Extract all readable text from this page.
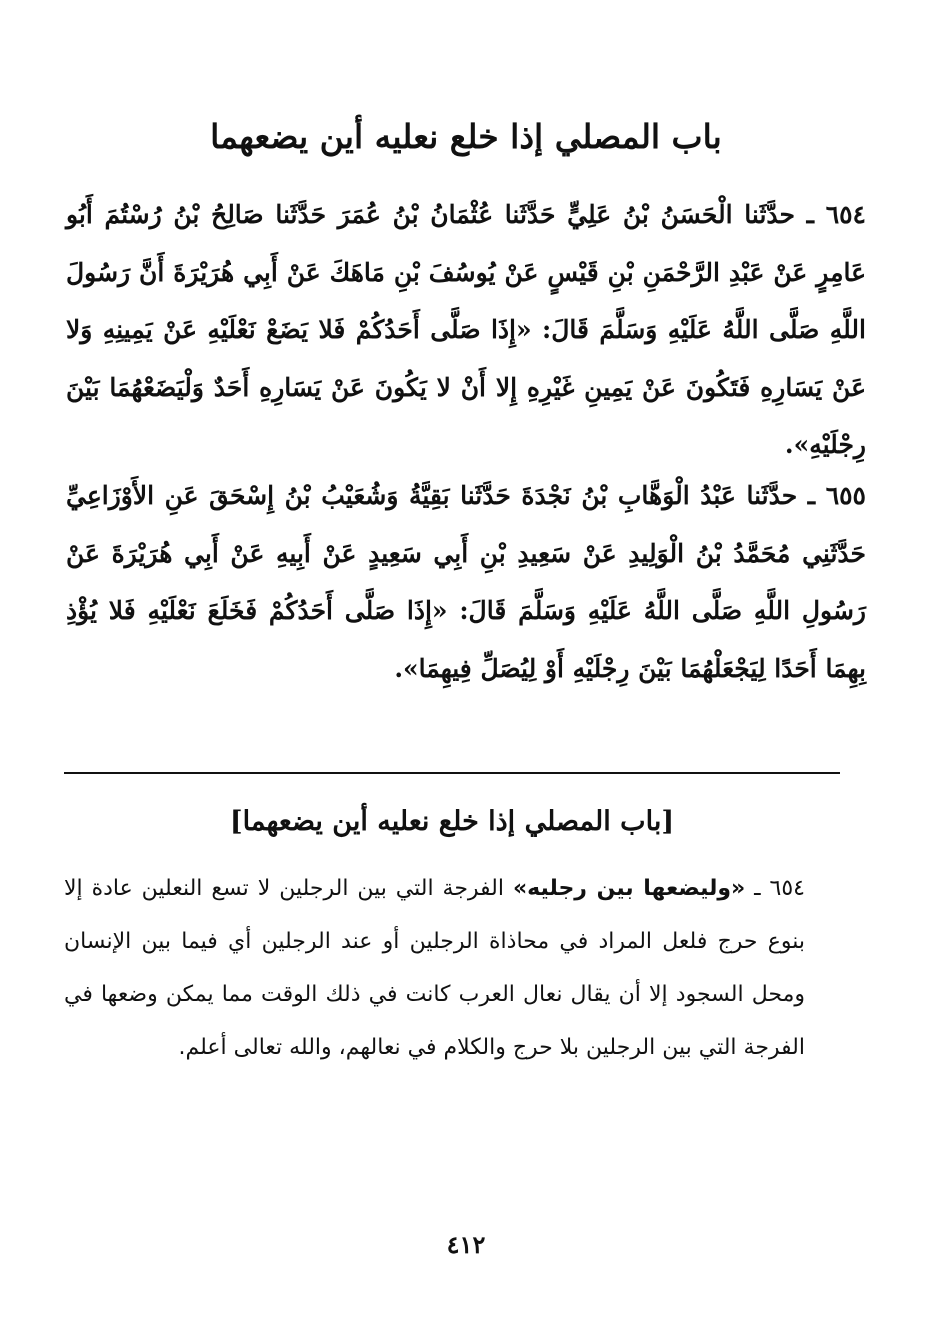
باب المصلي إذا خلع نعليه أين يضعهما
٦٥٤ ـ حدَّثَنا الْحَسَنُ بْنُ عَلِيٍّ حَدَّثَنا عُثْمَانُ بْنُ عُمَرَ حَدَّثَنا صَالِحُ بْنُ رُسْتُمَ أَبُو عَامِرٍ عَنْ عَبْدِ الرَّحْمَنِ بْنِ قَيْسٍ عَنْ يُوسُفَ بْنِ مَاهَكَ عَنْ أَبِي هُرَيْرَةَ أَنَّ رَسُولَ اللَّهِ صَلَّى اللَّهُ عَلَيْهِ وَسَلَّمَ قَالَ: «إِذَا صَلَّى أَحَدُكُمْ فَلا يَضَعْ نَعْلَيْهِ عَنْ يَمِينِهِ وَلا عَنْ يَسَارِهِ فَتَكُونَ عَنْ يَمِينِ غَيْرِهِ إِلا أَنْ لا يَكُونَ عَنْ يَسَارِهِ أَحَدٌ وَلْيَضَعْهُمَا بَيْنَ رِجْلَيْهِ».
٦٥٥ ـ حدَّثَنا عَبْدُ الْوَهَّابِ بْنُ نَجْدَةَ حَدَّثَنا بَقِيَّةُ وَشُعَيْبُ بْنُ إِسْحَقَ عَنِ الأَوْزَاعِيِّ حَدَّثَنِي مُحَمَّدُ بْنُ الْوَلِيدِ عَنْ سَعِيدِ بْنِ أَبِي سَعِيدٍ عَنْ أَبِيهِ عَنْ أَبِي هُرَيْرَةَ عَنْ رَسُولِ اللَّهِ صَلَّى اللَّهُ عَلَيْهِ وَسَلَّمَ قَالَ: «إِذَا صَلَّى أَحَدُكُمْ فَخَلَعَ نَعْلَيْهِ فَلا يُؤْذِ بِهِمَا أَحَدًا لِيَجْعَلْهُمَا بَيْنَ رِجْلَيْهِ أَوْ لِيُصَلِّ فِيهِمَا».
[باب المصلي إذا خلع نعليه أين يضعهما]
٦٥٤ ـ «وليضعها بين رجليه» الفرجة التي بين الرجلين لا تسع النعلين عادة إلا بنوع حرج فلعل المراد في محاذاة الرجلين أو عند الرجلين أي فيما بين الإنسان ومحل السجود إلا أن يقال نعال العرب كانت في ذلك الوقت مما يمكن وضعها في الفرجة التي بين الرجلين بلا حرج والكلام في نعالهم، والله تعالى أعلم.
٤١٢
